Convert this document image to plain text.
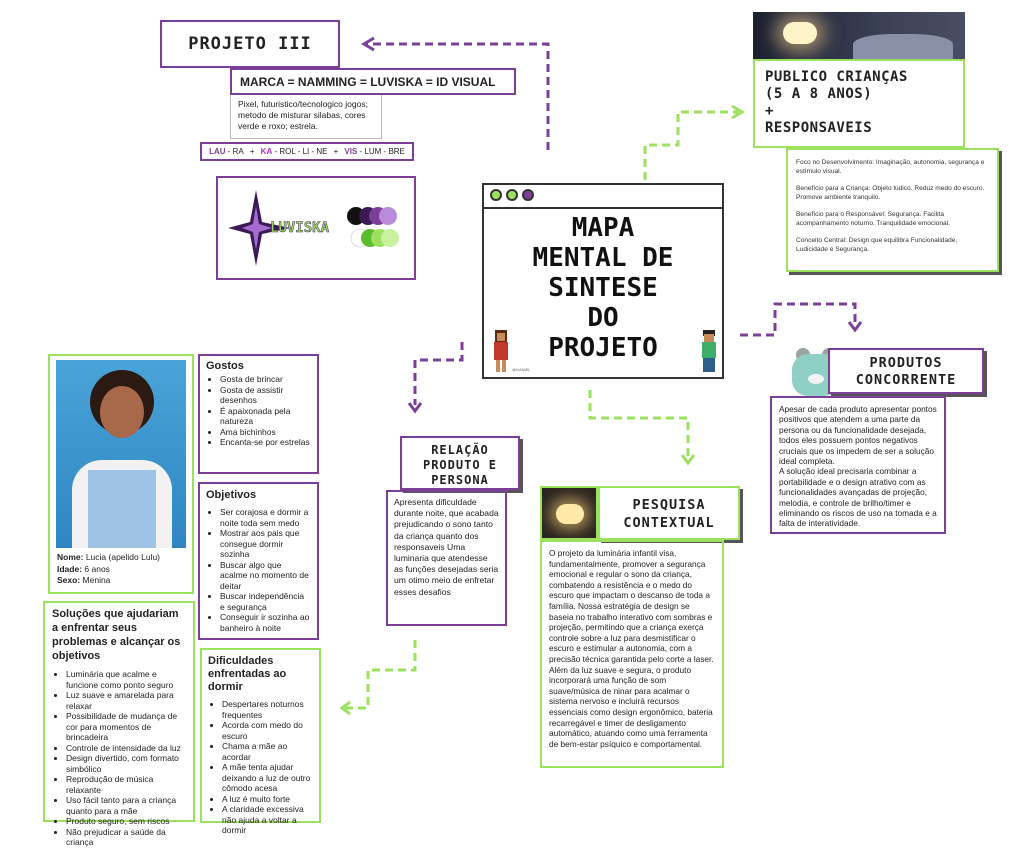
PROJETO III
MARCA = NAMMING = LUVISKA = ID VISUAL
Pixel, futuristico/tecnologico jogos; metodo de misturar silabas, cores verde e roxo; estrela.
LAU - RA + KA - ROL - LI - NE + VIS - LUM - BRE
LUVISKA	MAPA
MENTAL DE
SINTESE
DO
PROJETO
@DANIEL
PUBLICO CRIANÇAS
(5 A 8 ANOS)
+
RESPONSAVEIS
Foco no Desenvolvimento: Imaginação, autonomia, segurança e estímulo visual.
Benefício para a Criança: Objeto lúdico. Reduz medo do escuro. Promove ambiente tranquilo.
Benefício para o Responsável: Segurança. Facilita acompanhamento noturno. Tranquilidade emocional.
Conceito Central: Design que equilibra Funcionalidade, Ludicidade e Segurança.
Nome: Lucia (apelido Lulu)
Idade: 6 anos
Sexo: Menina
Gostos
• Gosta de brincar
• Gosta de assistir desenhos
• É apaixonada pela natureza
• Ama bichinhos
• Encanta-se por estrelas
Objetivos
• Ser corajosa e dormir a noite toda sem medo
• Mostrar aos pais que consegue dormir sozinha
• Buscar algo que acalme no momento de deitar
• Buscar independência e segurança
• Conseguir ir sozinha ao banheiro à noite
Dificuldades enfrentadas ao dormir
• Despertares noturnos frequentes
• Acorda com medo do escuro
• Chama a mãe ao acordar
• A mãe tenta ajudar deixando a luz de outro cômodo acesa
• A luz é muito forte
• A claridade excessiva não ajuda a voltar a dormir
Soluções que ajudariam a enfrentar seus problemas e alcançar os objetivos
• Luminária que acalme e funcione como ponto seguro
• Luz suave e amarelada para relaxar
• Possibilidade de mudança de cor para momentos de brincadeira
• Controle de intensidade da luz
• Design divertido, com formato simbólico
• Reprodução de música relaxante
• Uso fácil tanto para a criança quanto para a mãe
• Produto seguro, sem riscos
• Não prejudicar a saúde da criança
RELAÇÃO
PRODUTO E
PERSONA
Apresenta dificuldade durante noite, que acabada prejudicando o sono tanto da criança quanto dos responsaveis Uma luminaria que atendesse as funções desejadas seria um otimo meio de enfretar esses desafios
PESQUISA
CONTEXTUAL
O projeto da luminária infantil visa, fundamentalmente, promover a segurança emocional e regular o sono da criança, combatendo a resistência e o medo do escuro que impactam o descanso de toda a família. Nossa estratégia de design se baseia no trabalho interativo com sombras e projeção, permitindo que a criança exerça controle sobre a luz para desmistificar o escuro e estimular a autonomia, com a precisão técnica garantida pelo corte a laser. Além da luz suave e segura, o produto incorporará uma função de som suave/música de ninar para acalmar o sistema nervoso e incluirá recursos essenciais como design ergonômico, bateria recarregável e timer de desligamento automático, atuando como uma ferramenta de bem-estar psíquico e comportamental.
PRODUTOS
CONCORRENTE
Apesar de cada produto apresentar pontos positivos que atendem a uma parte da persona ou da funcionalidade desejada, todos eles possuem pontos negativos cruciais que os impedem de ser a solução ideal completa.
A solução ideal precisaria combinar a portabilidade e o design atrativo com as funcionalidades avançadas de projeção, melodia, e controle de brilho/timer e eliminando os riscos de uso na tomada e a falta de interatividade.
